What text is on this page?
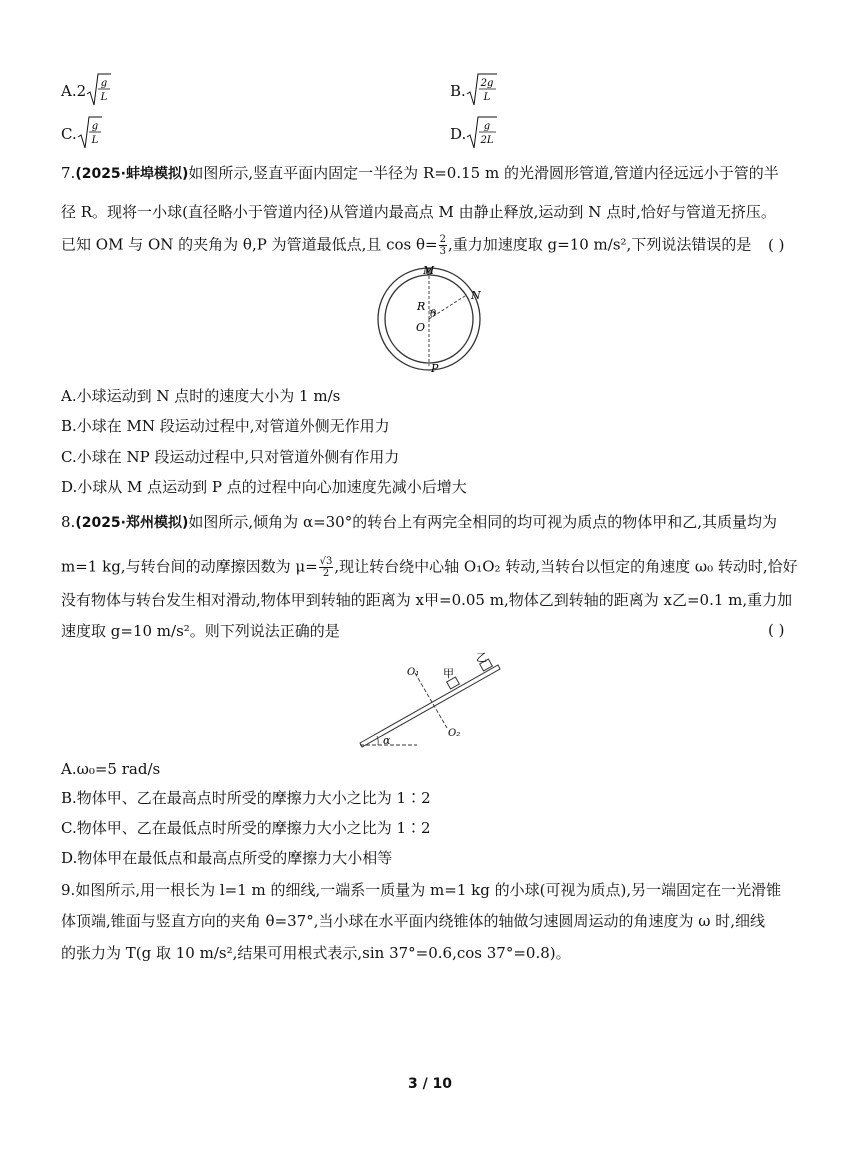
A.2 g
L	B. 2g
L
C. g
L	D. g
2L
7.(2025·蚌埠模拟)如图所示,竖直平面内固定一半径为 R=0.15 m 的光滑圆形管道,管道内径远远小于管的半
径 R。现将一小球(直径略小于管道内径)从管道内最高点 M 由静止释放,运动到 N 点时,恰好与管道无挤压。
已知 OM 与 ON 的夹角为 θ,P 为管道最低点,且 $\cos \theta= \frac{2}{3}$ ,重力加速度取 g=10 m/s²,下列说法错误的是 ( )
M
N
R
O
θ
P
A.小球运动到 N 点时的速度大小为 1 m/s
B.小球在 MN 段运动过程中,对管道外侧无作用力
C.小球在 NP 段运动过程中,只对管道外侧有作用力
D.小球从 M 点运动到 P 点的过程中向心加速度先减小后增大
8.(2025·郑州模拟)如图所示,倾角为 α=30°的转台上有两完全相同的均可视为质点的物体甲和乙,其质量均为
m=1 kg,与转台间的动摩擦因数为 $\mu= \frac{√3}{2}$ ,现让转台绕中心轴 O₁O₂ 转动,当转台以恒定的角速度 ω₀ 转动时,恰好
没有物体与转台发生相对滑动,物体甲到转轴的距离为 x甲=0.05 m,物体乙到转轴的距离为 x乙=0.1 m,重力加
速度取 g=10 m/s²。则下列说法正确的是	( )
O₁
O₂
甲
乙
α
A.ω₀=5 rad/s
B.物体甲、乙在最高点时所受的摩擦力大小之比为 1∶2
C.物体甲、乙在最低点时所受的摩擦力大小之比为 1∶2
D.物体甲在最低点和最高点所受的摩擦力大小相等
9.如图所示,用一根长为 l=1 m 的细线,一端系一质量为 m=1 kg 的小球(可视为质点),另一端固定在一光滑锥
体顶端,锥面与竖直方向的夹角 θ=37°,当小球在水平面内绕锥体的轴做匀速圆周运动的角速度为 ω 时,细线
的张力为 T(g 取 10 m/s²,结果可用根式表示,sin 37°=0.6,cos 37°=0.8)。
3 / 10
